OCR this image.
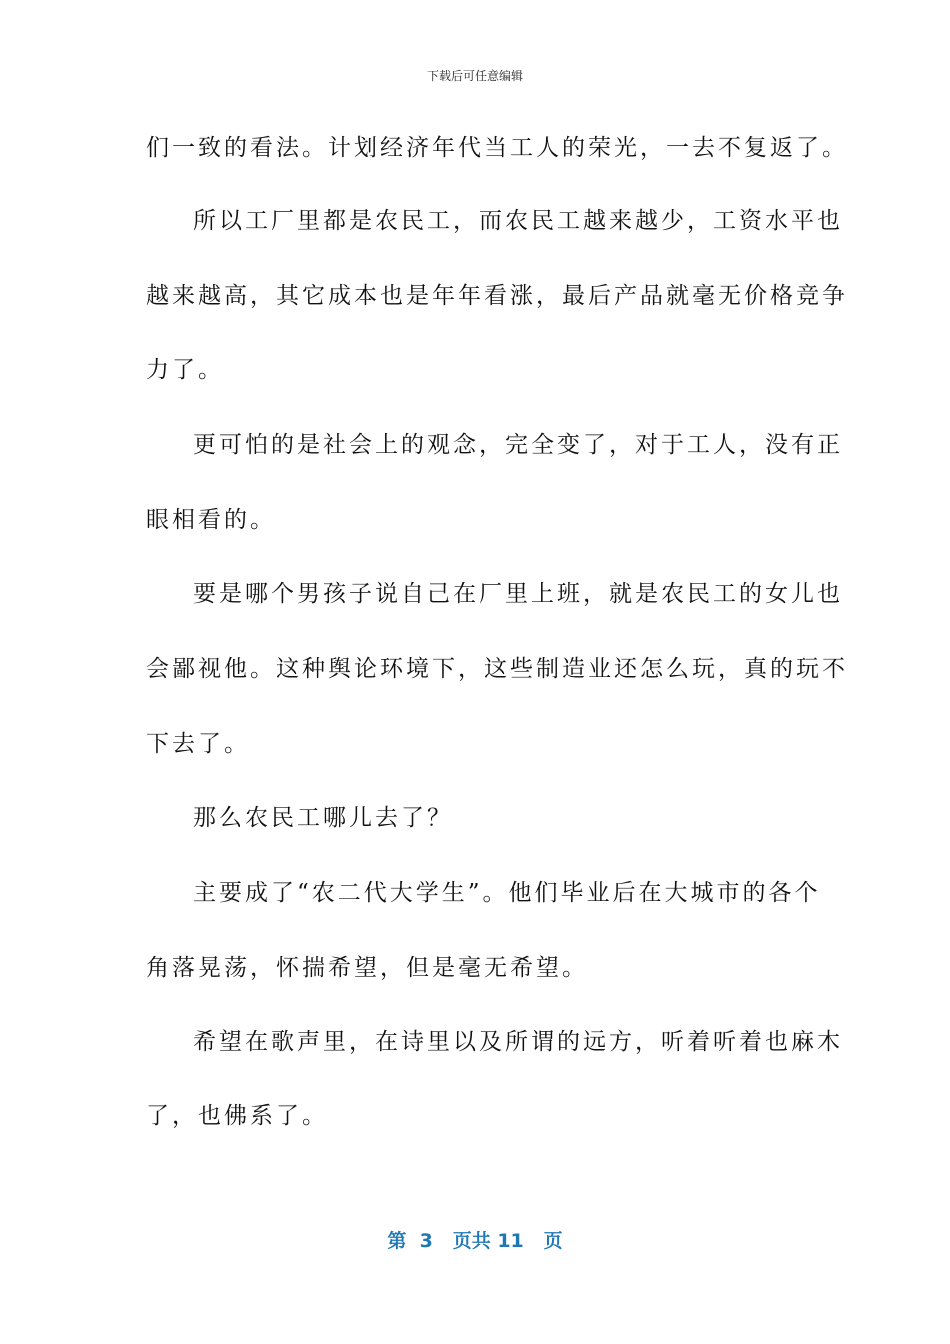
下载后可任意编辑
们一致的看法。计划经济年代当工人的荣光，一去不复返了。
所以工厂里都是农民工，而农民工越来越少，工资水平也
越来越高，其它成本也是年年看涨，最后产品就毫无价格竞争
力了。
更可怕的是社会上的观念，完全变了，对于工人，没有正
眼相看的。
要是哪个男孩子说自己在厂里上班，就是农民工的女儿也
会鄙视他。这种舆论环境下，这些制造业还怎么玩，真的玩不
下去了。
那么农民工哪儿去了？
主要成了“农二代大学生”。他们毕业后在大城市的各个
角落晃荡，怀揣希望，但是毫无希望。
希望在歌声里，在诗里以及所谓的远方，听着听着也麻木
了，也佛系了。
第 3 页共 11 页
